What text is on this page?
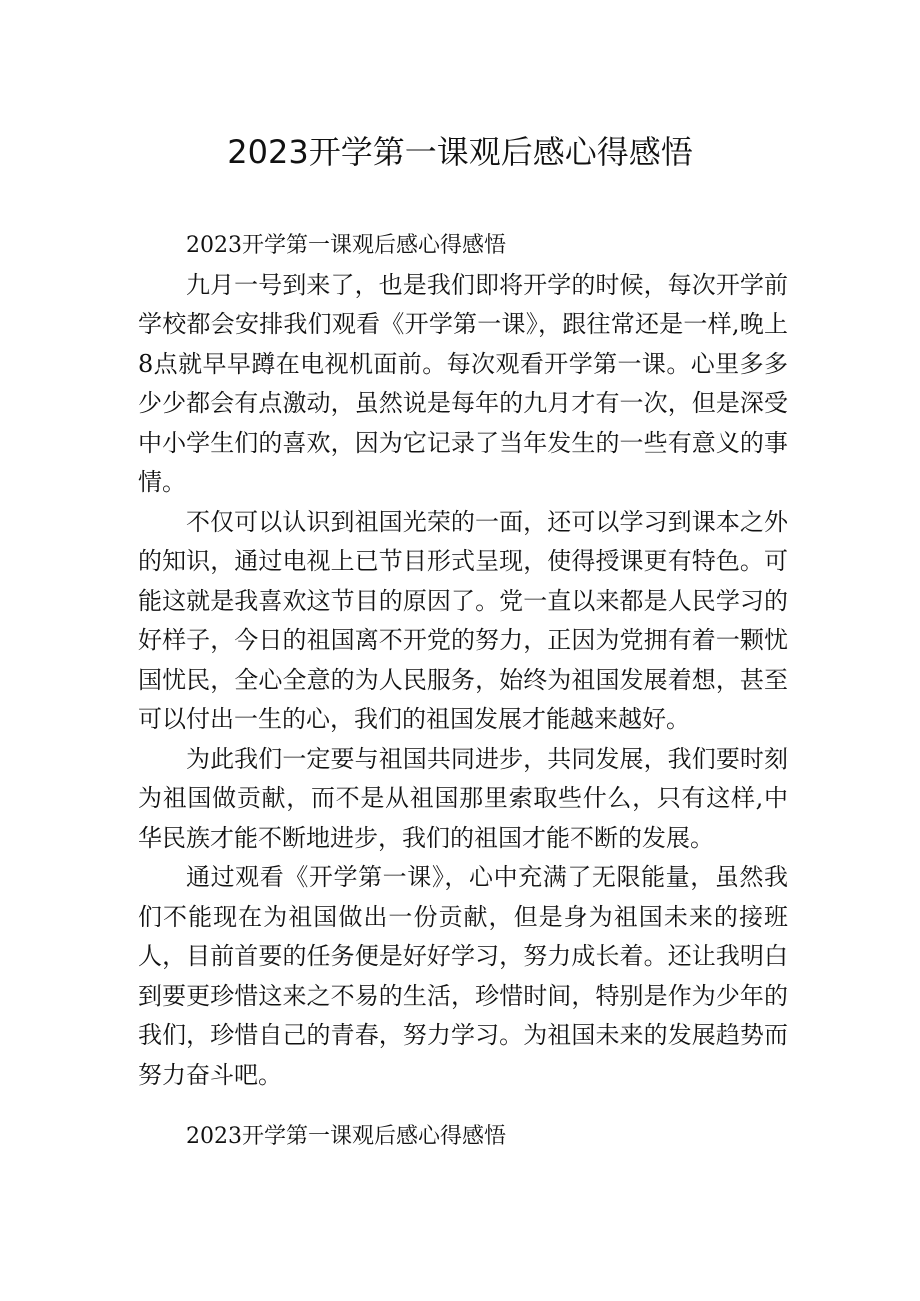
2023开学第一课观后感心得感悟

2023开学第一课观后感心得感悟

九月一号到来了，也是我们即将开学的时候，每次开学前学校都会安排我们观看《开学第一课》，跟往常还是一样,晚上8点就早早蹲在电视机面前。每次观看开学第一课。心里多多少少都会有点激动，虽然说是每年的九月才有一次，但是深受中小学生们的喜欢，因为它记录了当年发生的一些有意义的事情。

不仅可以认识到祖国光荣的一面，还可以学习到课本之外的知识，通过电视上已节目形式呈现，使得授课更有特色。可能这就是我喜欢这节目的原因了。党一直以来都是人民学习的好样子，今日的祖国离不开党的努力，正因为党拥有着一颗忧国忧民，全心全意的为人民服务，始终为祖国发展着想，甚至可以付出一生的心，我们的祖国发展才能越来越好。

为此我们一定要与祖国共同进步，共同发展，我们要时刻为祖国做贡献，而不是从祖国那里索取些什么，只有这样,中华民族才能不断地进步，我们的祖国才能不断的发展。

通过观看《开学第一课》，心中充满了无限能量，虽然我们不能现在为祖国做出一份贡献，但是身为祖国未来的接班人，目前首要的任务便是好好学习，努力成长着。还让我明白到要更珍惜这来之不易的生活，珍惜时间，特别是作为少年的我们，珍惜自己的青春，努力学习。为祖国未来的发展趋势而努力奋斗吧。

2023开学第一课观后感心得感悟
